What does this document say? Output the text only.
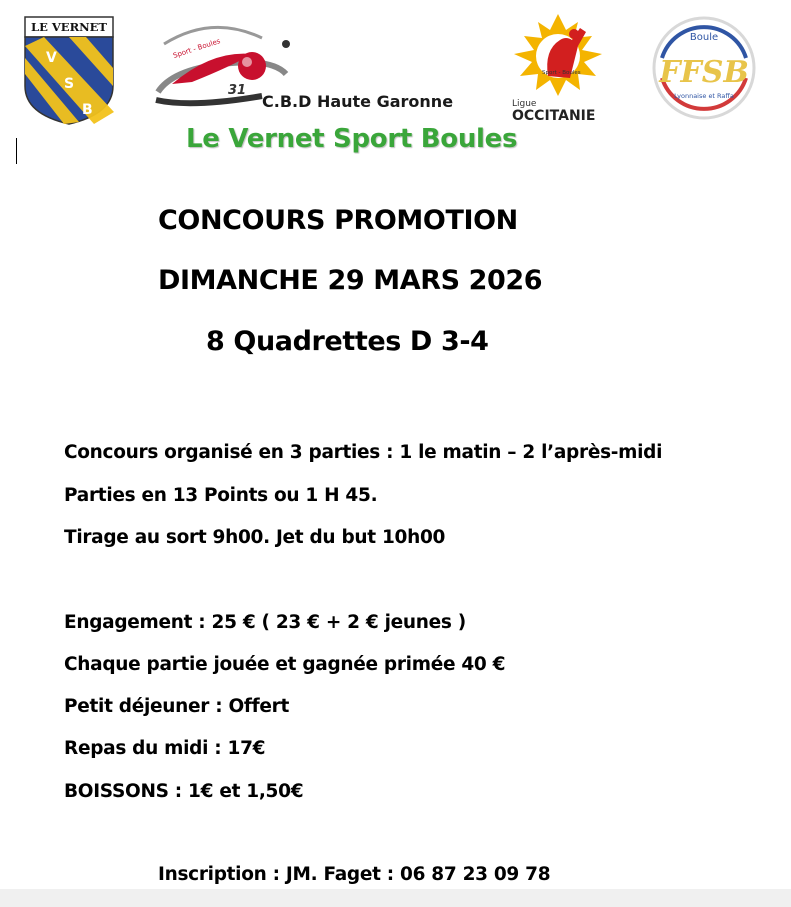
LE VERNET
V
S
B
Sport - Boules
31
C.B.D Haute Garonne
Sport - Boules
Ligue
OCCITANIE
Boule
FFSB
Lyonnaise et Raffa
Le Vernet Sport Boules
CONCOURS PROMOTION
DIMANCHE 29 MARS 2026
8 Quadrettes D 3-4
Concours organisé en 3 parties : 1 le matin – 2 l’après-midi
Parties en 13 Points ou 1 H 45.
Tirage au sort 9h00. Jet du but 10h00
Engagement : 25 € ( 23 € + 2 € jeunes )
Chaque partie jouée et gagnée primée 40 €
Petit déjeuner : Offert
Repas du midi : 17€
BOISSONS : 1€ et 1,50€
Inscription : JM. Faget : 06 87 23 09 78
